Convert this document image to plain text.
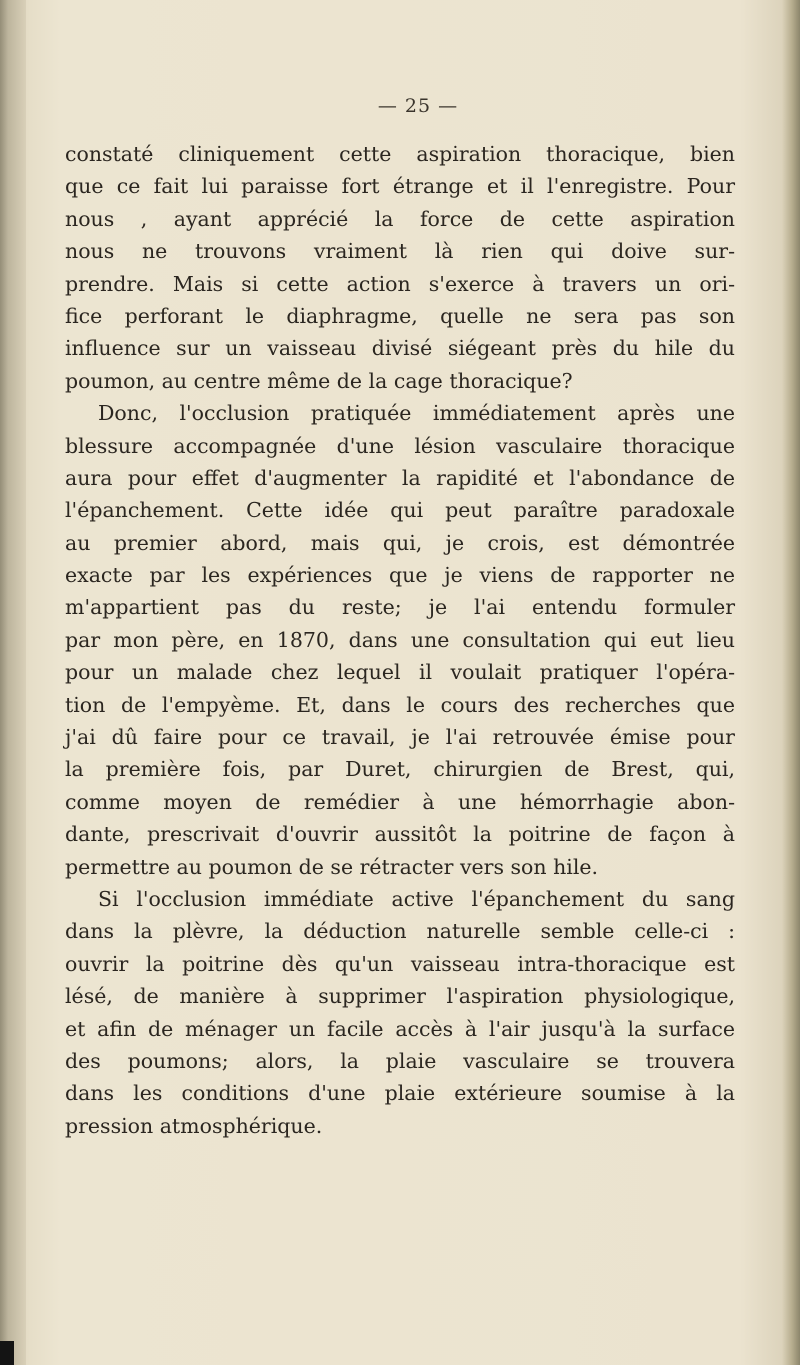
— 25 —
constaté cliniquement cette aspiration thoracique, bien
que ce fait lui paraisse fort étrange et il l'enregistre. Pour
nous , ayant apprécié la force de cette aspiration
nous ne trouvons vraiment là rien qui doive sur-
prendre. Mais si cette action s'exerce à travers un ori-
fice perforant le diaphragme, quelle ne sera pas son
influence sur un vaisseau divisé siégeant près du hile du
poumon, au centre même de la cage thoracique?
Donc, l'occlusion pratiquée immédiatement après une
blessure accompagnée d'une lésion vasculaire thoracique
aura pour effet d'augmenter la rapidité et l'abondance de
l'épanchement. Cette idée qui peut paraître paradoxale
au premier abord, mais qui, je crois, est démontrée
exacte par les expériences que je viens de rapporter ne
m'appartient pas du reste; je l'ai entendu formuler
par mon père, en 1870, dans une consultation qui eut lieu
pour un malade chez lequel il voulait pratiquer l'opéra-
tion de l'empyème. Et, dans le cours des recherches que
j'ai dû faire pour ce travail, je l'ai retrouvée émise pour
la première fois, par Duret, chirurgien de Brest, qui,
comme moyen de remédier à une hémorrhagie abon-
dante, prescrivait d'ouvrir aussitôt la poitrine de façon à
permettre au poumon de se rétracter vers son hile.
Si l'occlusion immédiate active l'épanchement du sang
dans la plèvre, la déduction naturelle semble celle-ci :
ouvrir la poitrine dès qu'un vaisseau intra-thoracique est
lésé, de manière à supprimer l'aspiration physiologique,
et afin de ménager un facile accès à l'air jusqu'à la surface
des poumons; alors, la plaie vasculaire se trouvera
dans les conditions d'une plaie extérieure soumise à la
pression atmosphérique.
